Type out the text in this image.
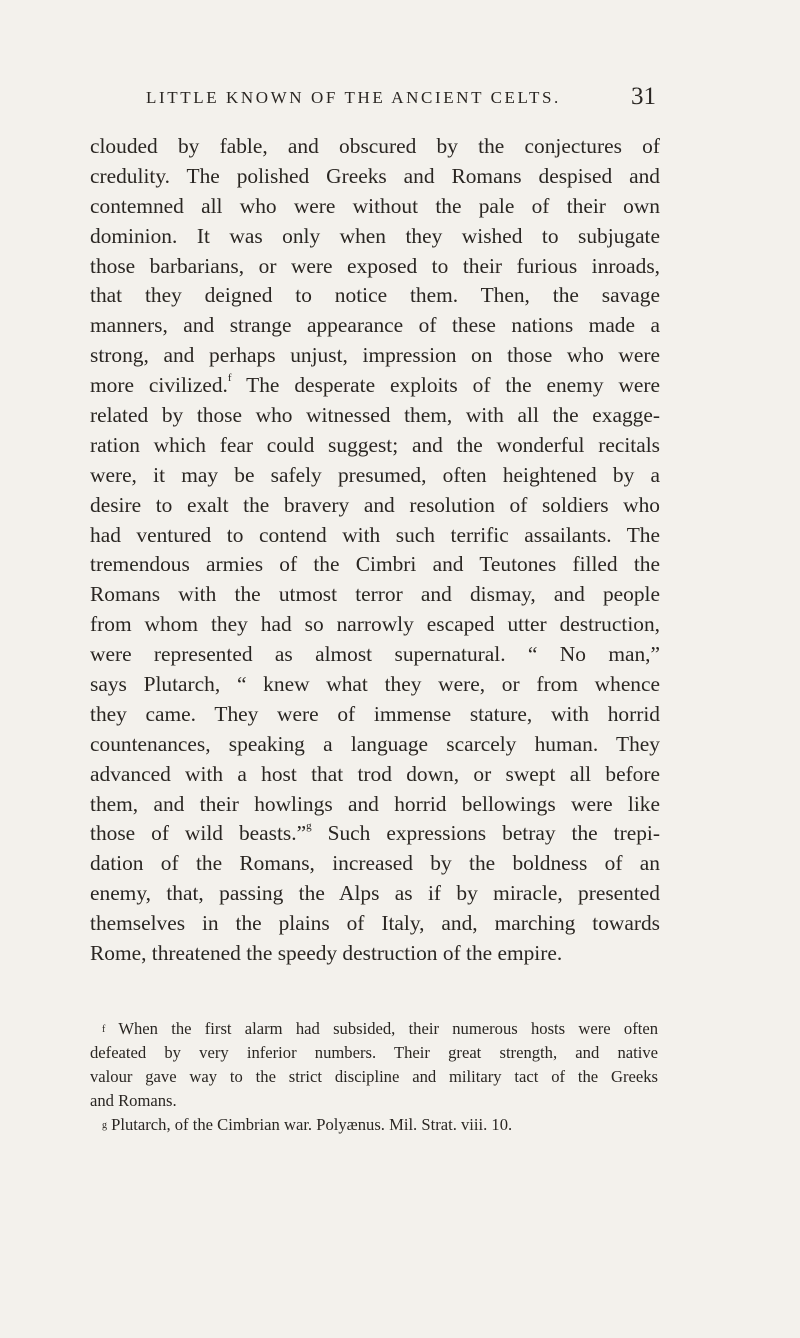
LITTLE KNOWN OF THE ANCIENT CELTS.	31
clouded by fable, and obscured by the conjectures of
credulity. The polished Greeks and Romans despised and
contemned all who were without the pale of their own
dominion. It was only when they wished to subjugate
those barbarians, or were exposed to their furious inroads,
that they deigned to notice them. Then, the savage
manners, and strange appearance of these nations made a
strong, and perhaps unjust, impression on those who were
more civilized.$^f$ The desperate exploits of the enemy were
related by those who witnessed them, with all the exagge-
ration which fear could suggest; and the wonderful recitals
were, it may be safely presumed, often heightened by a
desire to exalt the bravery and resolution of soldiers who
had ventured to contend with such terrific assailants. The
tremendous armies of the Cimbri and Teutones filled the
Romans with the utmost terror and dismay, and people
from whom they had so narrowly escaped utter destruction,
were represented as almost supernatural. “ No man,”
says Plutarch, “ knew what they were, or from whence
they came. They were of immense stature, with horrid
countenances, speaking a language scarcely human. They
advanced with a host that trod down, or swept all before
them, and their howlings and horrid bellowings were like
those of wild beasts.”$^g$ Such expressions betray the trepi-
dation of the Romans, increased by the boldness of an
enemy, that, passing the Alps as if by miracle, presented
themselves in the plains of Italy, and, marching towards
Rome, threatened the speedy destruction of the empire.
$^f$ When the first alarm had subsided, their numerous hosts were often
defeated by very inferior numbers. Their great strength, and native
valour gave way to the strict discipline and military tact of the Greeks
and Romans.
$^g$ Plutarch, of the Cimbrian war. Polyænus. Mil. Strat. viii. 10.
